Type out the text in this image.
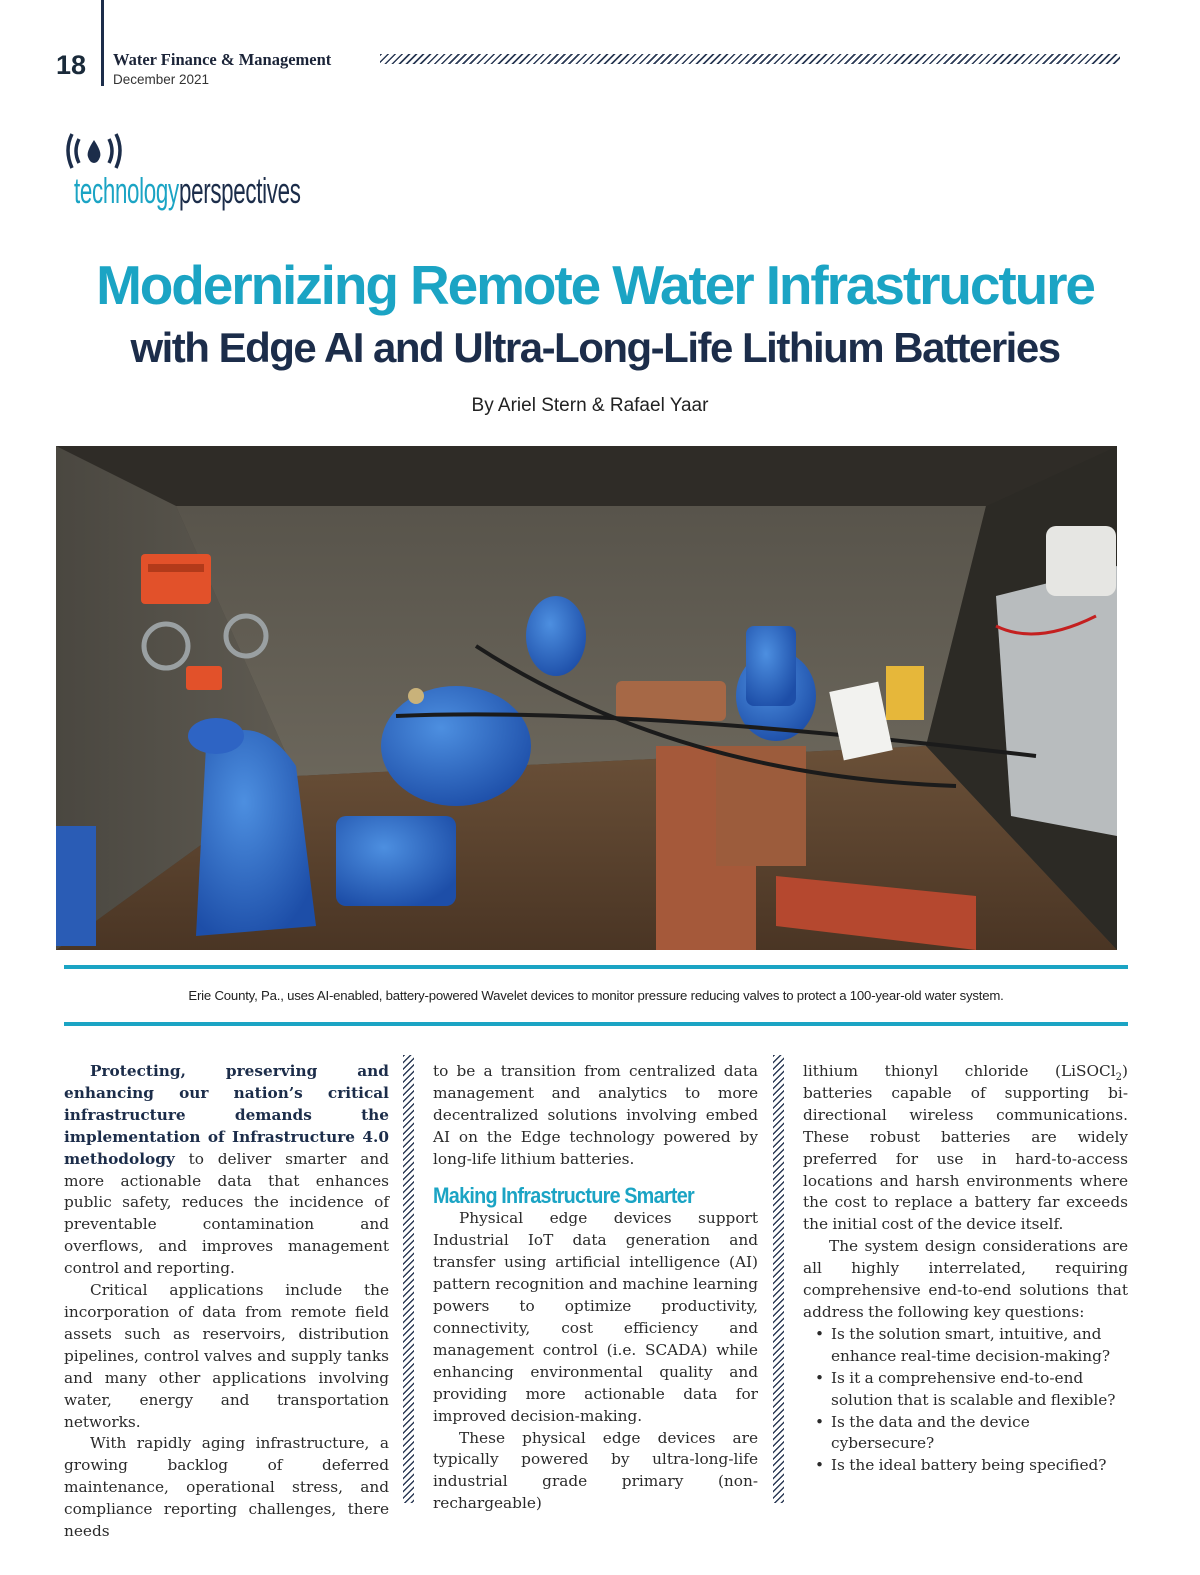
18 Water Finance & Management
December 2021
technology perspectives
Modernizing Remote Water Infrastructure
with Edge AI and Ultra-Long-Life Lithium Batteries
By Ariel Stern & Rafael Yaar
Erie County, Pa., uses AI-enabled, battery-powered Wavelet devices to monitor pressure reducing valves to protect a 100-year-old water system.

Protecting, preserving and enhancing our nation’s critical infrastructure demands the implementation of Infrastructure 4.0 methodology to deliver smarter and more actionable data that enhances public safety, reduces the incidence of preventable contamination and overflows, and improves management control and reporting.

Critical applications include the incorporation of data from remote field assets such as reservoirs, distribution pipelines, control valves and supply tanks and many other applications involving water, energy and transportation networks.

With rapidly aging infrastructure, a growing backlog of deferred maintenance, operational stress, and compliance reporting challenges, there needs

to be a transition from centralized data management and analytics to more decentralized solutions involving embed AI on the Edge technology powered by long-life lithium batteries.

Making Infrastructure Smarter

Physical edge devices support Industrial IoT data generation and transfer using artificial intelligence (AI) pattern recognition and machine learning powers to optimize productivity, connectivity, cost efficiency and management control (i.e. SCADA) while enhancing environmental quality and providing more actionable data for improved decision-making.

These physical edge devices are typically powered by ultra-long-life industrial grade primary (non-rechargeable)

lithium thionyl chloride (LiSOCl$_2$) batteries capable of supporting bi-directional wireless communications. These robust batteries are widely preferred for use in hard-to-access locations and harsh environments where the cost to replace a battery far exceeds the initial cost of the device itself.

The system design considerations are all highly interrelated, requiring comprehensive end-to-end solutions that address the following key questions:

• Is the solution smart, intuitive, and enhance real-time decision-making?
• Is it a comprehensive end-to-end solution that is scalable and flexible?
• Is the data and the device cybersecure?
• Is the ideal battery being specified?
